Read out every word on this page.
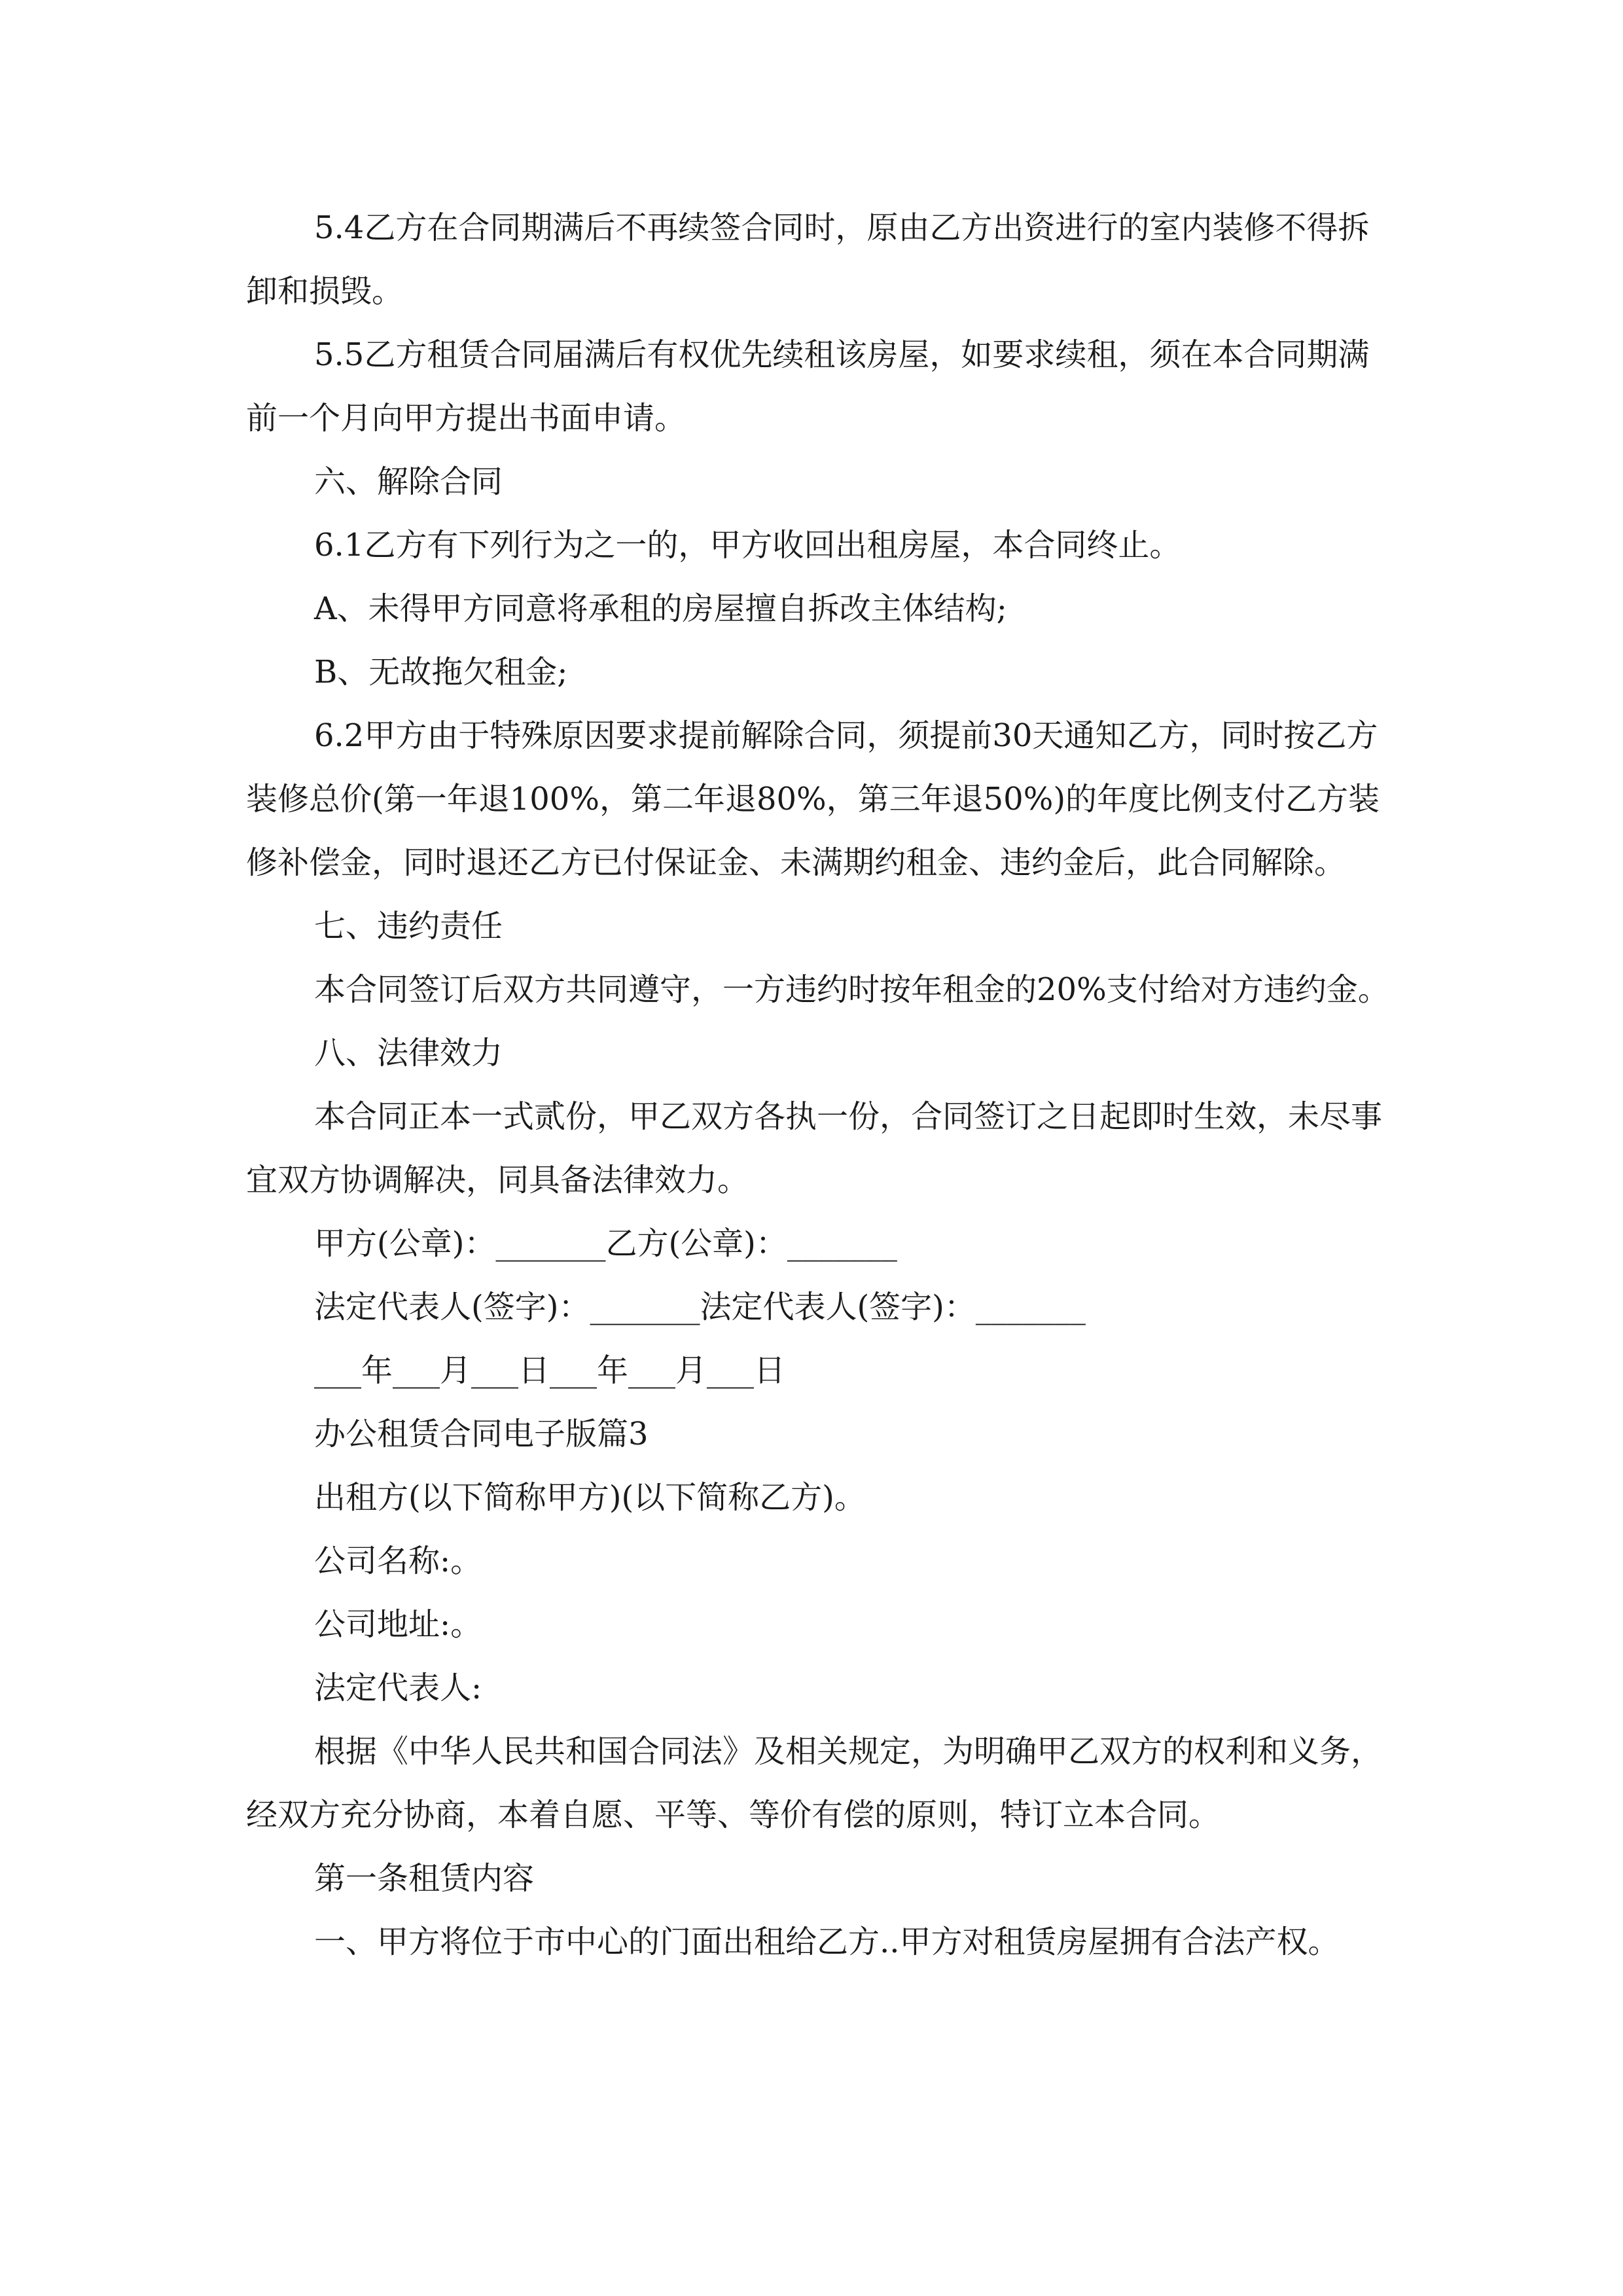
5.4乙方在合同期满后不再续签合同时，原由乙方出资进行的室内装修不得拆卸和损毁。

5.5乙方租赁合同届满后有权优先续租该房屋，如要求续租，须在本合同期满前一个月向甲方提出书面申请。

六、解除合同

6.1乙方有下列行为之一的，甲方收回出租房屋，本合同终止。

A、未得甲方同意将承租的房屋擅自拆改主体结构;

B、无故拖欠租金;

6.2甲方由于特殊原因要求提前解除合同，须提前30天通知乙方，同时按乙方装修总价(第一年退100%，第二年退80%，第三年退50%)的年度比例支付乙方装修补偿金，同时退还乙方已付保证金、未满期约租金、违约金后，此合同解除。

七、违约责任

本合同签订后双方共同遵守，一方违约时按年租金的20%支付给对方违约金。

八、法律效力

本合同正本一式贰份，甲乙双方各执一份，合同签订之日起即时生效，未尽事宜双方协调解决，同具备法律效力。

甲方(公章)：_______乙方(公章)：_______

法定代表人(签字)：_______法定代表人(签字)：_______

___年___月___日___年___月___日

办公租赁合同电子版篇3

出租方(以下简称甲方)(以下简称乙方)。

公司名称:。

公司地址:。

法定代表人:

根据《中华人民共和国合同法》及相关规定，为明确甲乙双方的权利和义务，经双方充分协商，本着自愿、平等、等价有偿的原则，特订立本合同。

第一条租赁内容

一、甲方将位于市中心的门面出租给乙方..甲方对租赁房屋拥有合法产权。
